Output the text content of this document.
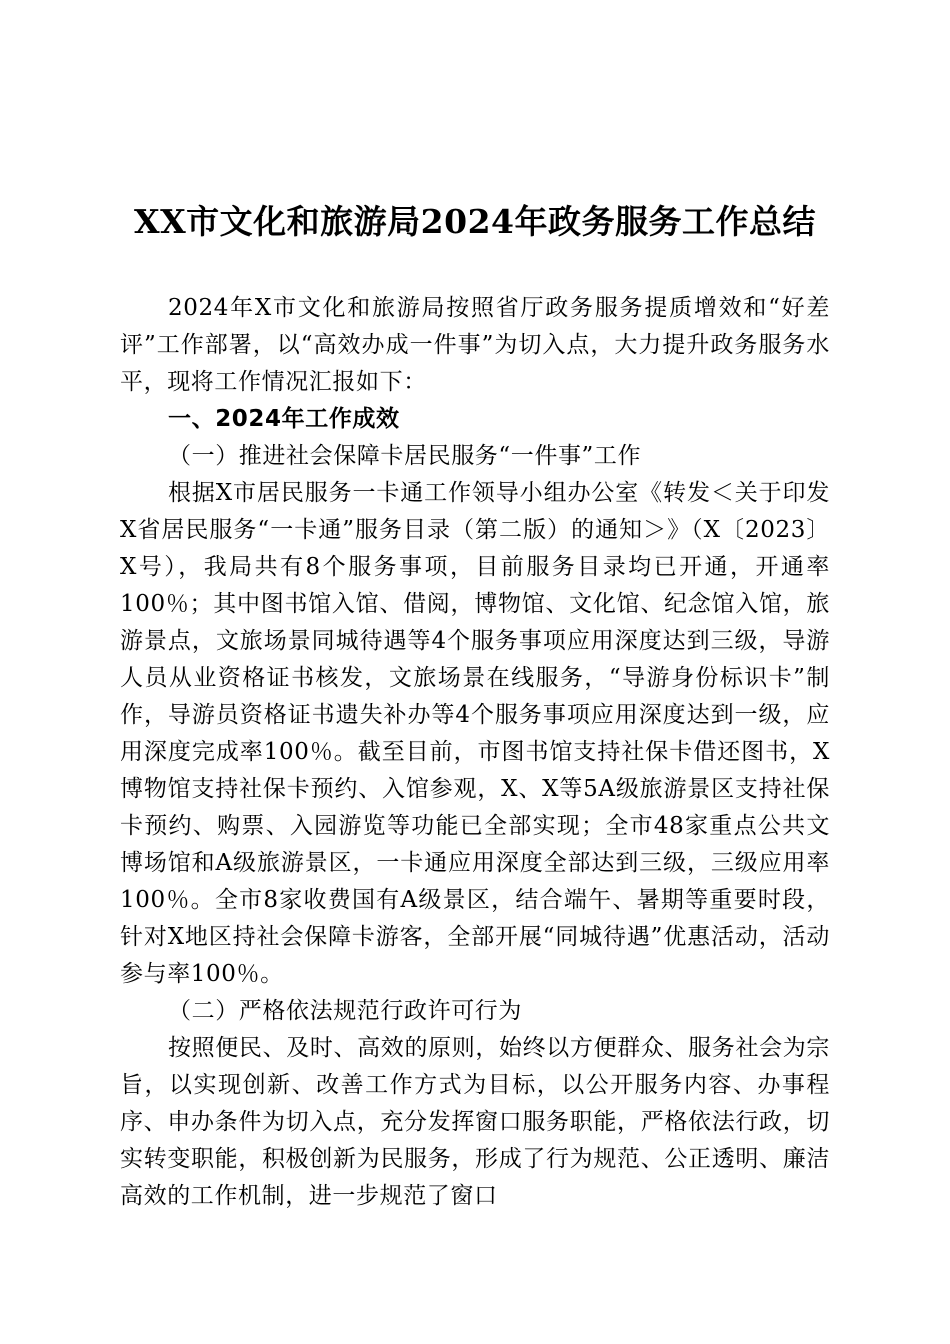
XX市文化和旅游局2024年政务服务工作总结

2024年X市文化和旅游局按照省厅政务服务提质增效和“好差评”工作部署，以“高效办成一件事”为切入点，大力提升政务服务水平，现将工作情况汇报如下：

一、2024年工作成效

（一）推进社会保障卡居民服务“一件事”工作

根据X市居民服务一卡通工作领导小组办公室《转发＜关于印发X省居民服务“一卡通”服务目录（第二版）的通知＞》（X〔2023〕X号），我局共有8个服务事项，目前服务目录均已开通，开通率100％；其中图书馆入馆、借阅，博物馆、文化馆、纪念馆入馆，旅游景点，文旅场景同城待遇等4个服务事项应用深度达到三级，导游人员从业资格证书核发，文旅场景在线服务，“导游身份标识卡”制作，导游员资格证书遗失补办等4个服务事项应用深度达到一级，应用深度完成率100％。截至目前，市图书馆支持社保卡借还图书，X博物馆支持社保卡预约、入馆参观，X、X等5A级旅游景区支持社保卡预约、购票、入园游览等功能已全部实现；全市48家重点公共文博场馆和A级旅游景区，一卡通应用深度全部达到三级，三级应用率100％。全市8家收费国有A级景区，结合端午、暑期等重要时段，针对X地区持社会保障卡游客，全部开展“同城待遇”优惠活动，活动参与率100％。

（二）严格依法规范行政许可行为

按照便民、及时、高效的原则，始终以方便群众、服务社会为宗旨，以实现创新、改善工作方式为目标，以公开服务内容、办事程序、申办条件为切入点，充分发挥窗口服务职能，严格依法行政，切实转变职能，积极创新为民服务，形成了行为规范、公正透明、廉洁高效的工作机制，进一步规范了窗口
